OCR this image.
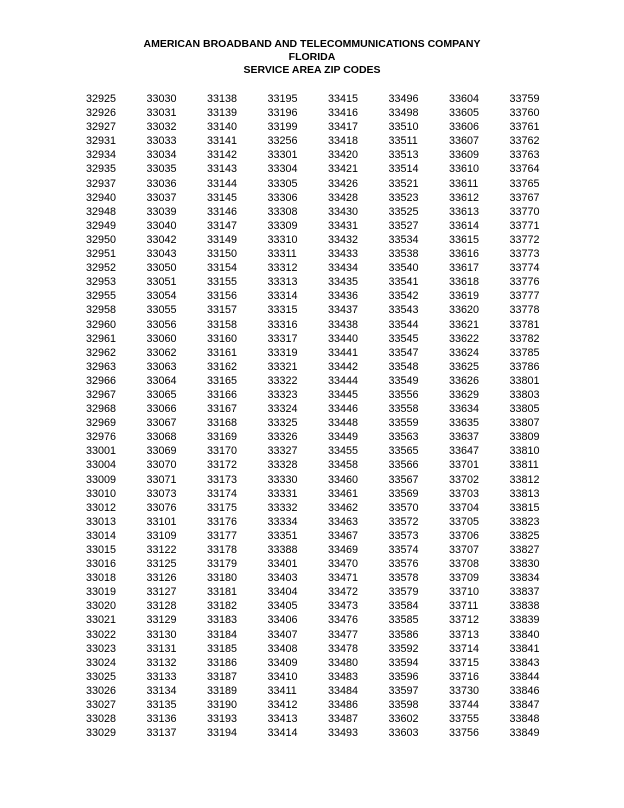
AMERICAN BROADBAND AND TELECOMMUNICATIONS COMPANY
FLORIDA
SERVICE AREA ZIP CODES
32925
32926
32927
32931
32934
32935
32937
32940
32948
32949
32950
32951
32952
32953
32955
32958
32960
32961
32962
32963
32966
32967
32968
32969
32976
33001
33004
33009
33010
33012
33013
33014
33015
33016
33018
33019
33020
33021
33022
33023
33024
33025
33026
33027
33028
33029
33030
33031
33032
33033
33034
33035
33036
33037
33039
33040
33042
33043
33050
33051
33054
33055
33056
33060
33062
33063
33064
33065
33066
33067
33068
33069
33070
33071
33073
33076
33101
33109
33122
33125
33126
33127
33128
33129
33130
33131
33132
33133
33134
33135
33136
33137
33138
33139
33140
33141
33142
33143
33144
33145
33146
33147
33149
33150
33154
33155
33156
33157
33158
33160
33161
33162
33165
33166
33167
33168
33169
33170
33172
33173
33174
33175
33176
33177
33178
33179
33180
33181
33182
33183
33184
33185
33186
33187
33189
33190
33193
33194
33195
33196
33199
33256
33301
33304
33305
33306
33308
33309
33310
33311
33312
33313
33314
33315
33316
33317
33319
33321
33322
33323
33324
33325
33326
33327
33328
33330
33331
33332
33334
33351
33388
33401
33403
33404
33405
33406
33407
33408
33409
33410
33411
33412
33413
33414
33415
33416
33417
33418
33420
33421
33426
33428
33430
33431
33432
33433
33434
33435
33436
33437
33438
33440
33441
33442
33444
33445
33446
33448
33449
33455
33458
33460
33461
33462
33463
33467
33469
33470
33471
33472
33473
33476
33477
33478
33480
33483
33484
33486
33487
33493
33496
33498
33510
33511
33513
33514
33521
33523
33525
33527
33534
33538
33540
33541
33542
33543
33544
33545
33547
33548
33549
33556
33558
33559
33563
33565
33566
33567
33569
33570
33572
33573
33574
33576
33578
33579
33584
33585
33586
33592
33594
33596
33597
33598
33602
33603
33604
33605
33606
33607
33609
33610
33611
33612
33613
33614
33615
33616
33617
33618
33619
33620
33621
33622
33624
33625
33626
33629
33634
33635
33637
33647
33701
33702
33703
33704
33705
33706
33707
33708
33709
33710
33711
33712
33713
33714
33715
33716
33730
33744
33755
33756
33759
33760
33761
33762
33763
33764
33765
33767
33770
33771
33772
33773
33774
33776
33777
33778
33781
33782
33785
33786
33801
33803
33805
33807
33809
33810
33811
33812
33813
33815
33823
33825
33827
33830
33834
33837
33838
33839
33840
33841
33843
33844
33846
33847
33848
33849
